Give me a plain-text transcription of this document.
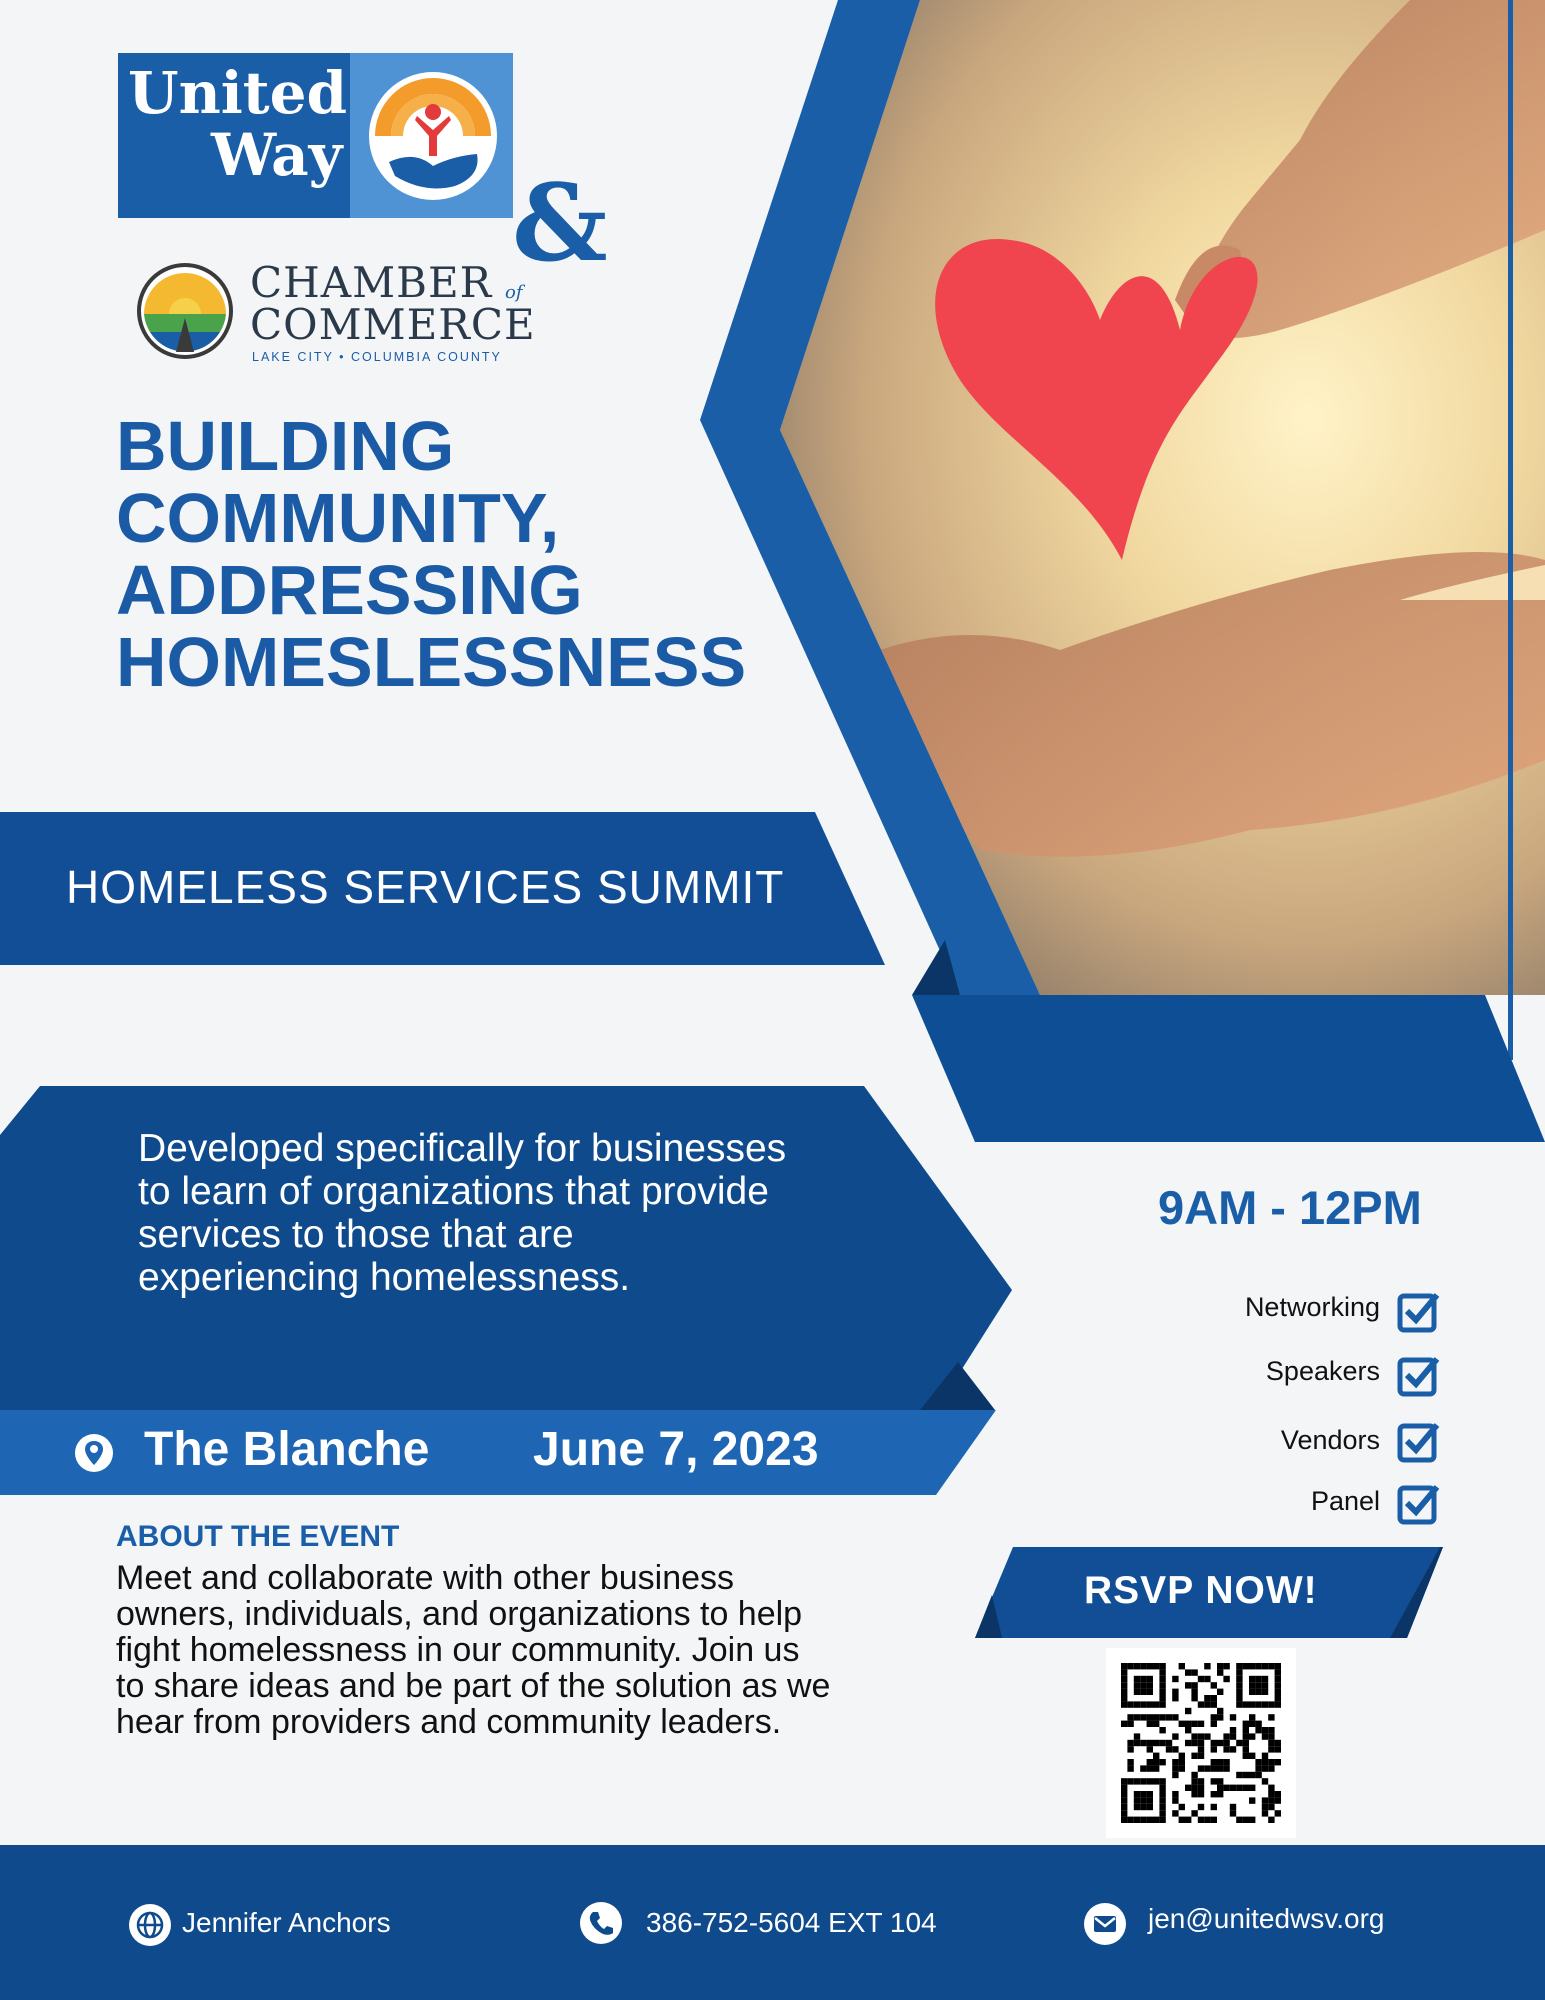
United
Way
&
CHAMBER
COMMERCE
of
LAKE CITY • COLUMBIA COUNTY
BUILDING
COMMUNITY,
ADDRESSING
HOMESLESSNESS
HOMELESS SERVICES SUMMIT
Developed specifically for businesses to learn of organizations that provide services to those that are experiencing homelessness.
The Blanche June 7, 2023
ABOUT THE EVENT
Meet and collaborate with other business owners, individuals, and organizations to help fight homelessness in our community. Join us to share ideas and be part of the solution as we hear from providers and community leaders.
9AM - 12PM
Networking
Speakers
Vendors
Panel
RSVP NOW!
Jennifer Anchors	386-752-5604 EXT 104	jen@unitedwsv.org
